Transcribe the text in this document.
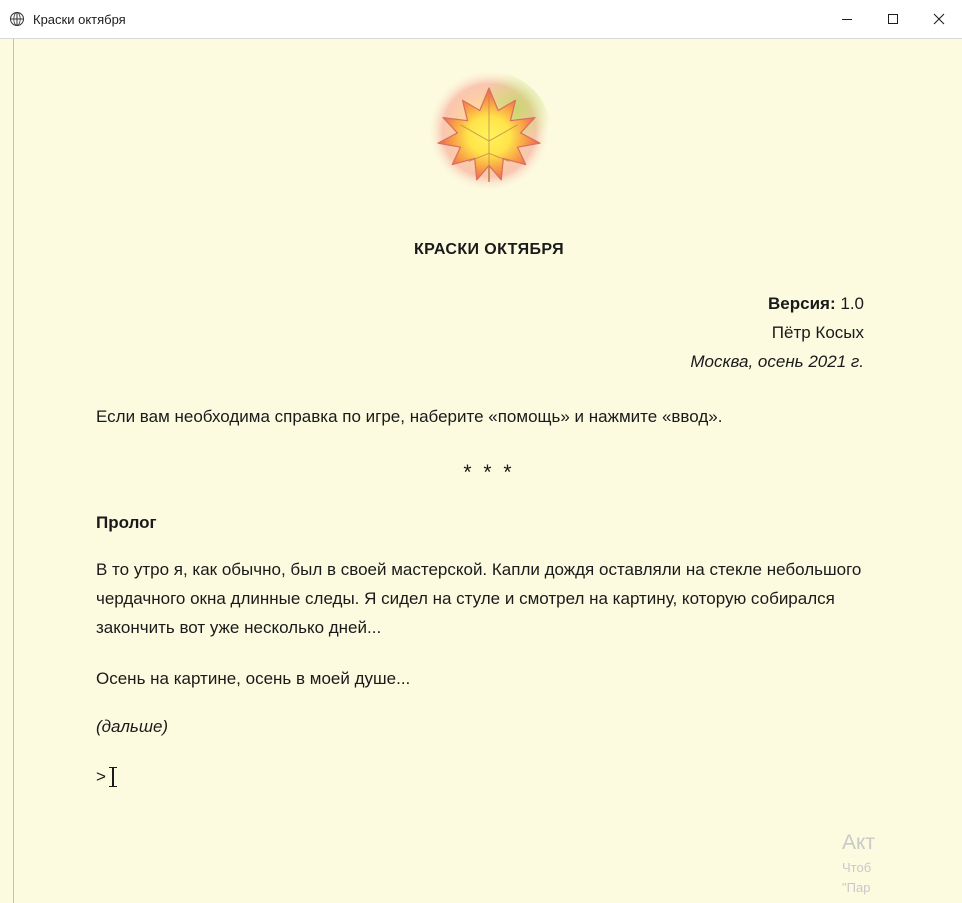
Краски октября
КРАСКИ ОКТЯБРЯ
Версия: 1.0
Пётр Косых
Москва, осень 2021 г.
Если вам необходима справка по игре, наберите «помощь» и нажмите «ввод».
* * *
Пролог
В то утро я, как обычно, был в своей мастерской. Капли дождя оставляли на стекле небольшого чердачного окна длинные следы. Я сидел на стуле и смотрел на картину, которую собирался закончить вот уже несколько дней...
Осень на картине, осень в моей душе...
(дальше)
>
Акт
Чтоб
"Пар
